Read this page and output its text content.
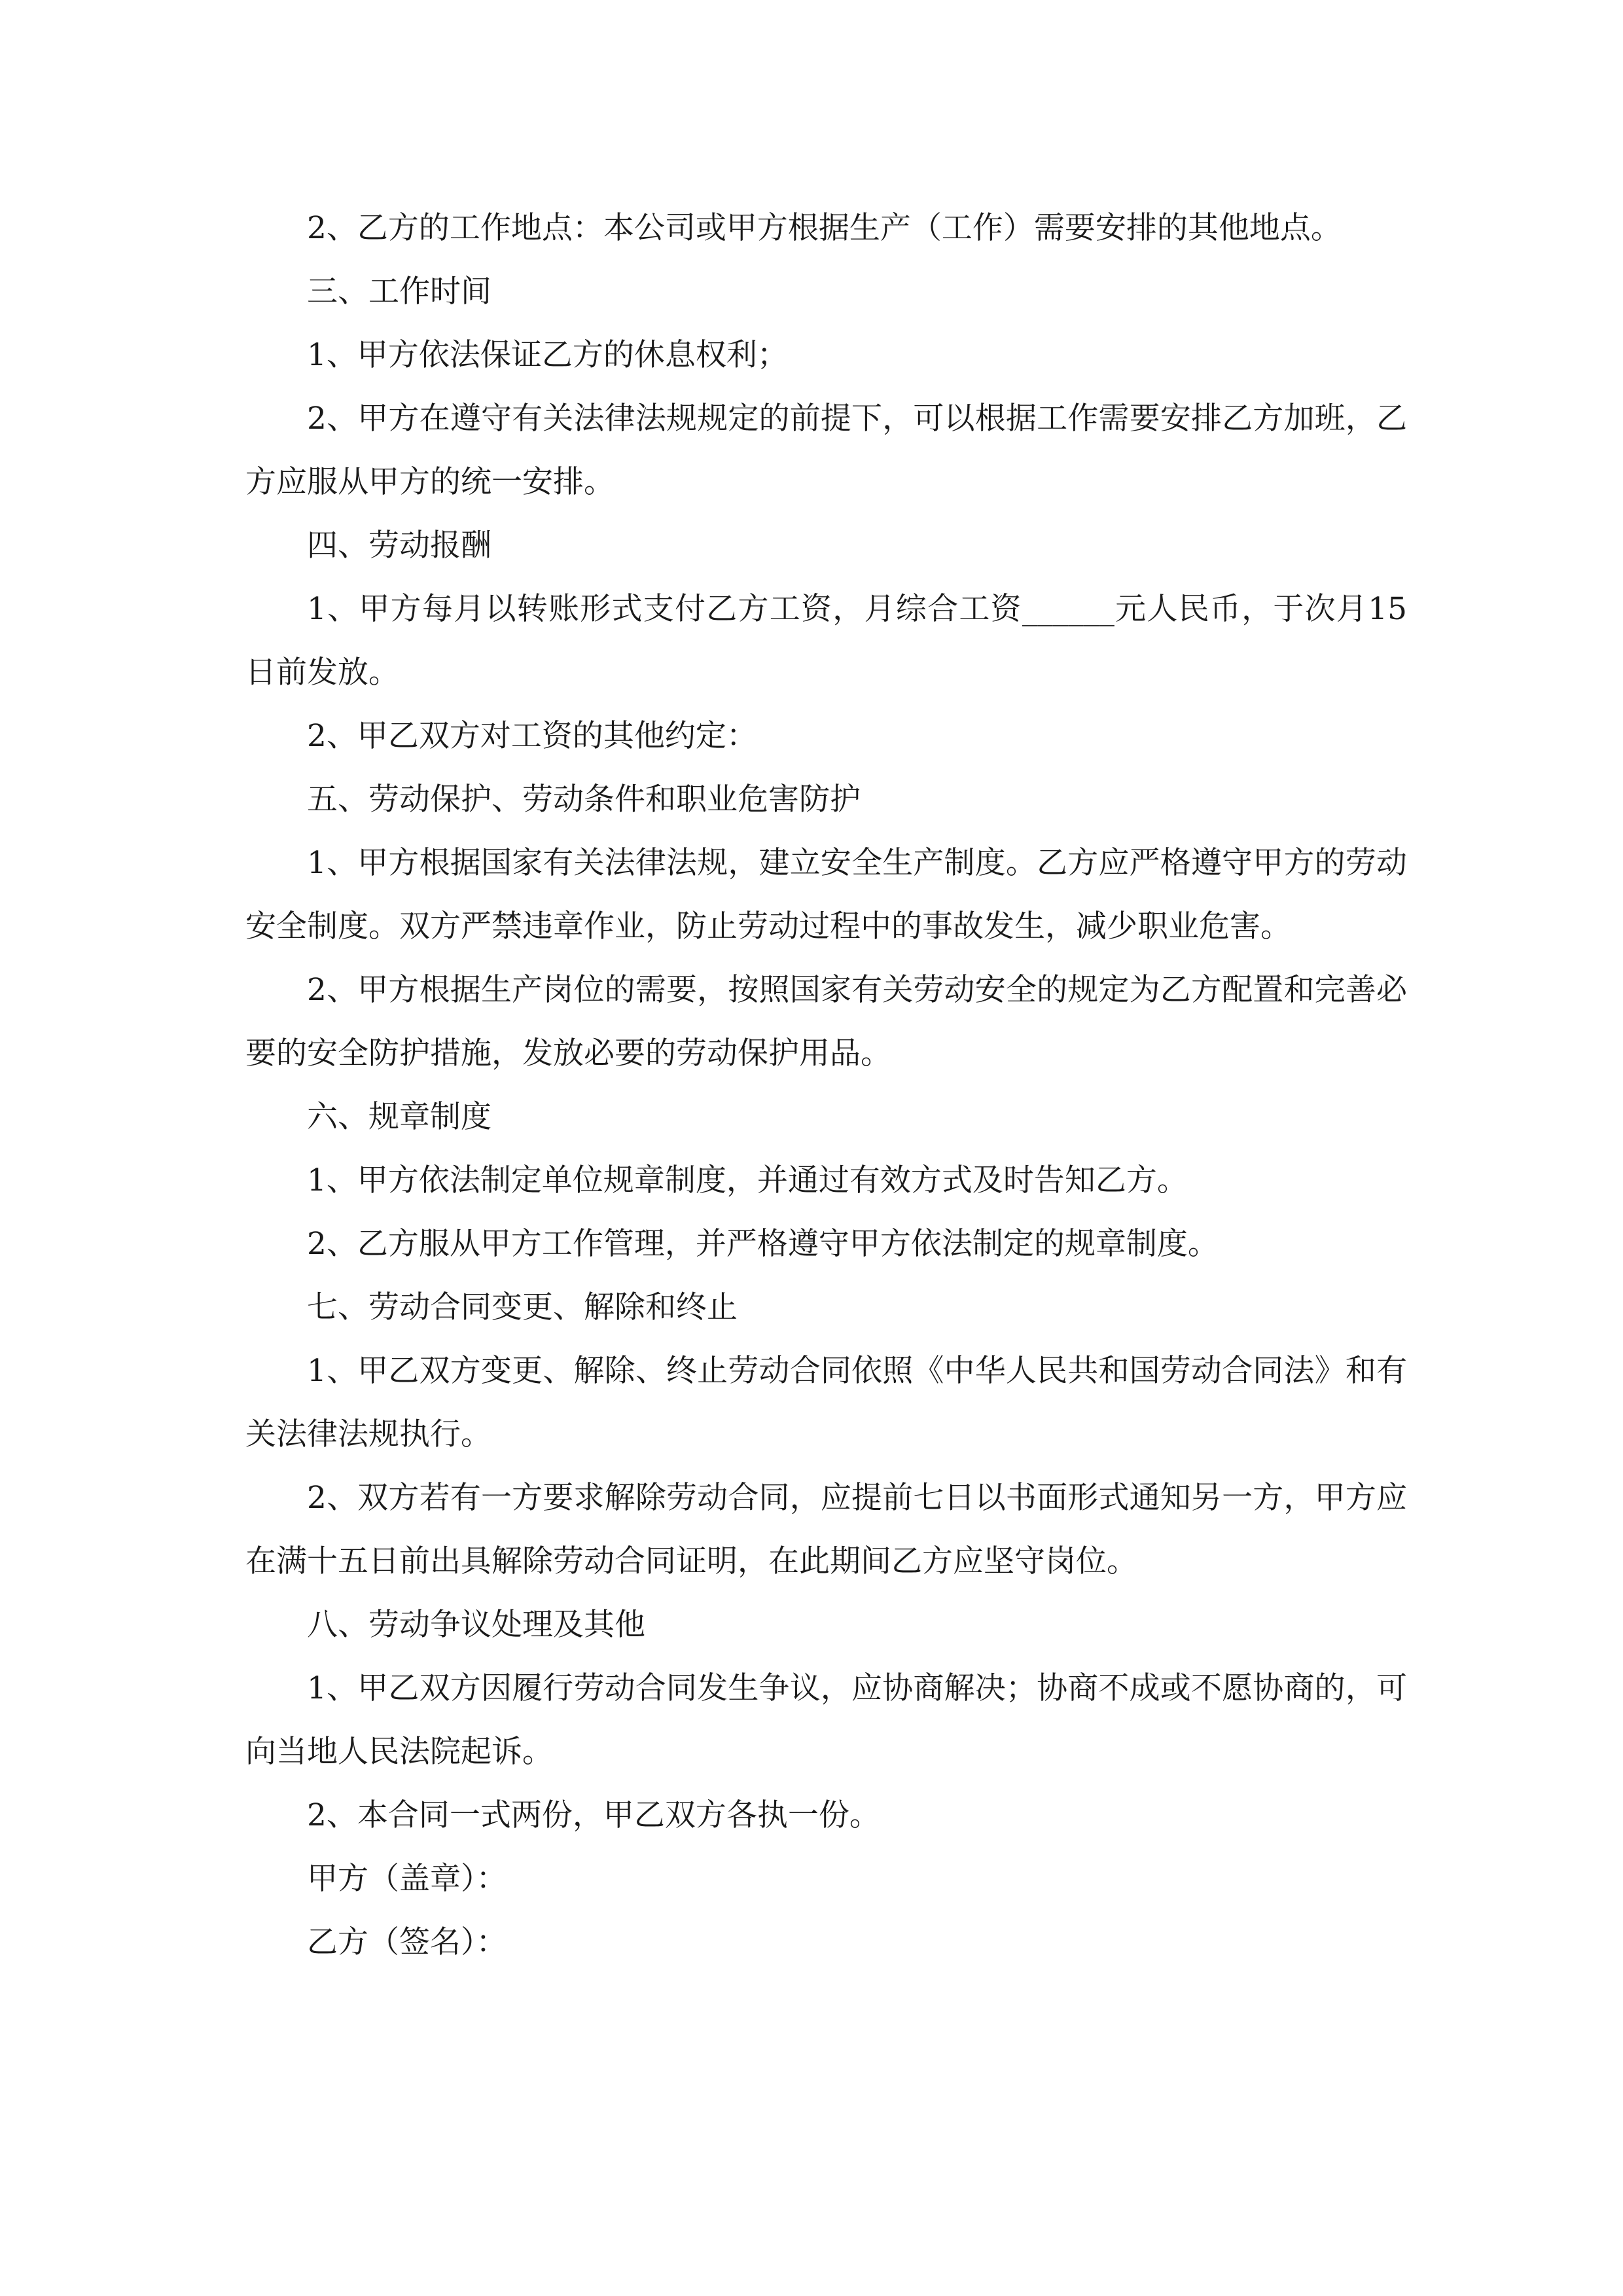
2、乙方的工作地点：本公司或甲方根据生产（工作）需要安排的其他地点。

三、工作时间

1、甲方依法保证乙方的休息权利；

2、甲方在遵守有关法律法规规定的前提下，可以根据工作需要安排乙方加班，乙方应服从甲方的统一安排。

四、劳动报酬

1、甲方每月以转账形式支付乙方工资，月综合工资______元人民币，于次月15日前发放。

2、甲乙双方对工资的其他约定：

五、劳动保护、劳动条件和职业危害防护

1、甲方根据国家有关法律法规，建立安全生产制度。乙方应严格遵守甲方的劳动安全制度。双方严禁违章作业，防止劳动过程中的事故发生，减少职业危害。

2、甲方根据生产岗位的需要，按照国家有关劳动安全的规定为乙方配置和完善必要的安全防护措施，发放必要的劳动保护用品。

六、规章制度

1、甲方依法制定单位规章制度，并通过有效方式及时告知乙方。

2、乙方服从甲方工作管理，并严格遵守甲方依法制定的规章制度。

七、劳动合同变更、解除和终止

1、甲乙双方变更、解除、终止劳动合同依照《中华人民共和国劳动合同法》和有关法律法规执行。

2、双方若有一方要求解除劳动合同，应提前七日以书面形式通知另一方，甲方应在满十五日前出具解除劳动合同证明，在此期间乙方应坚守岗位。

八、劳动争议处理及其他

1、甲乙双方因履行劳动合同发生争议，应协商解决；协商不成或不愿协商的，可向当地人民法院起诉。

2、本合同一式两份，甲乙双方各执一份。

甲方（盖章）：

乙方（签名）：
